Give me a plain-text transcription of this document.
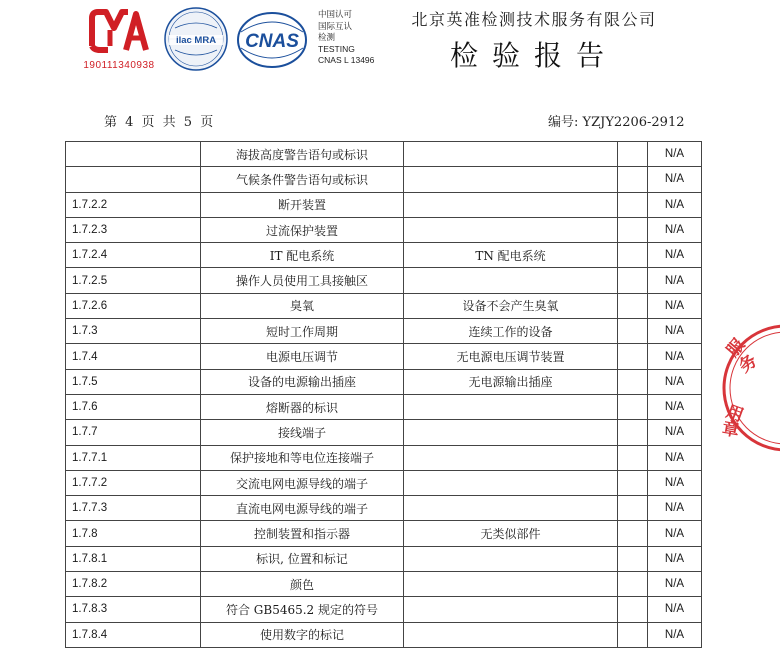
190111340938
ilac MRA CNAS
中国认可
国际互认
检测
TESTING
CNAS L 13496
北京英准检测技术服务有限公司
检验报告
第 4 页 共 5 页	编号: YZJY2206-2912
	海拔高度警告语句或标识			N/A
	气候条件警告语句或标识			N/A
1.7.2.2	断开装置			N/A
1.7.2.3	过流保护装置			N/A
1.7.2.4	IT 配电系统	TN 配电系统		N/A
1.7.2.5	操作人员使用工具接触区			N/A
1.7.2.6	臭氧	设备不会产生臭氧		N/A
1.7.3	短时工作周期	连续工作的设备		N/A
1.7.4	电源电压调节	无电源电压调节装置		N/A
1.7.5	设备的电源输出插座	无电源输出插座		N/A
1.7.6	熔断器的标识			N/A
1.7.7	接线端子			N/A
1.7.7.1	保护接地和等电位连接端子			N/A
1.7.7.2	交流电网电源导线的端子			N/A
1.7.7.3	直流电网电源导线的端子			N/A
1.7.8	控制装置和指示器	无类似部件		N/A
1.7.8.1	标识, 位置和标记			N/A
1.7.8.2	颜色			N/A
1.7.8.3	符合 GB5465.2 规定的符号			N/A
1.7.8.4	使用数字的标记			N/A
服
务
用
章
